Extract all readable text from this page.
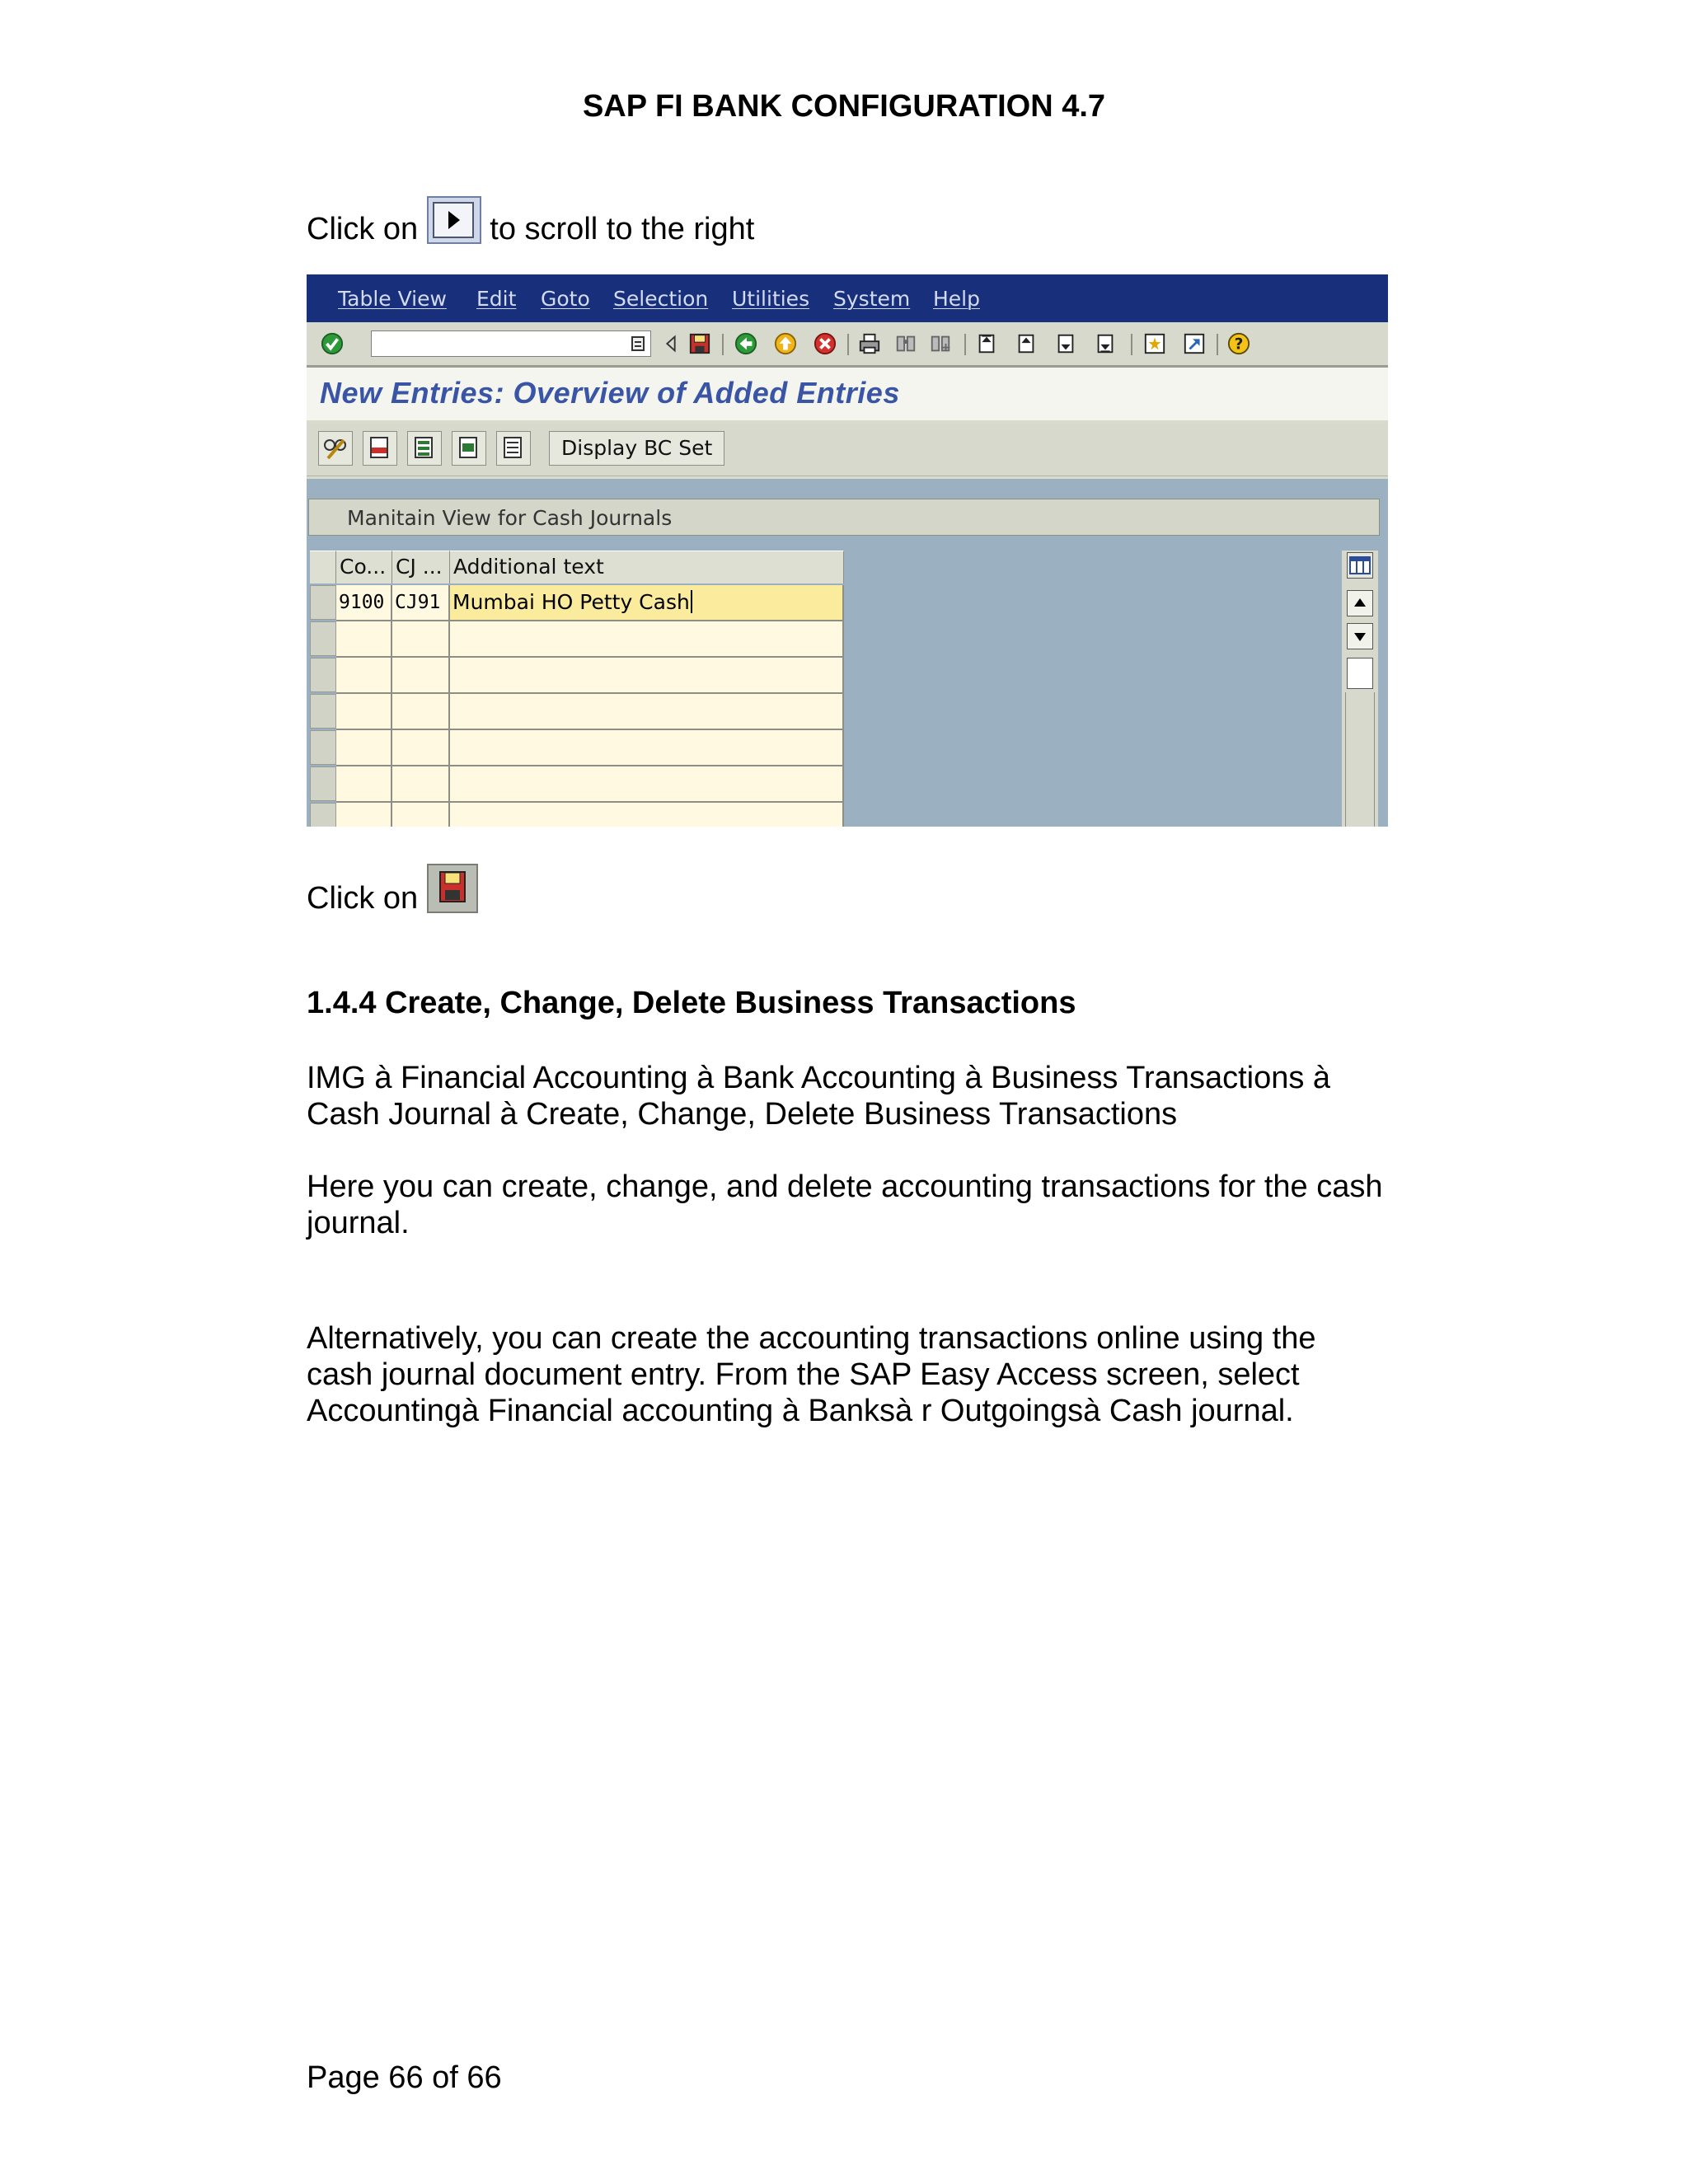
SAP FI BANK CONFIGURATION 4.7
Click on to scroll to the right
Table View Edit Goto Selection Utilities System Help
?
New Entries: Overview of Added Entries
Display BC Set
Manitain View for Cash Journals
Co... CJ ... Additional text
9100 CJ91 Mumbai HO Petty Cash
Click on
1.4.4 Create, Change, Delete Business Transactions
IMG à Financial Accounting à Bank Accounting à Business Transactions à
Cash Journal à Create, Change, Delete Business Transactions
Here you can create, change, and delete accounting transactions for the cash
journal.
Alternatively, you can create the accounting transactions online using the
cash journal document entry. From the SAP Easy Access screen, select
Accountingà Financial accounting à Banksà r Outgoingsà Cash journal.
Page 66 of 66
